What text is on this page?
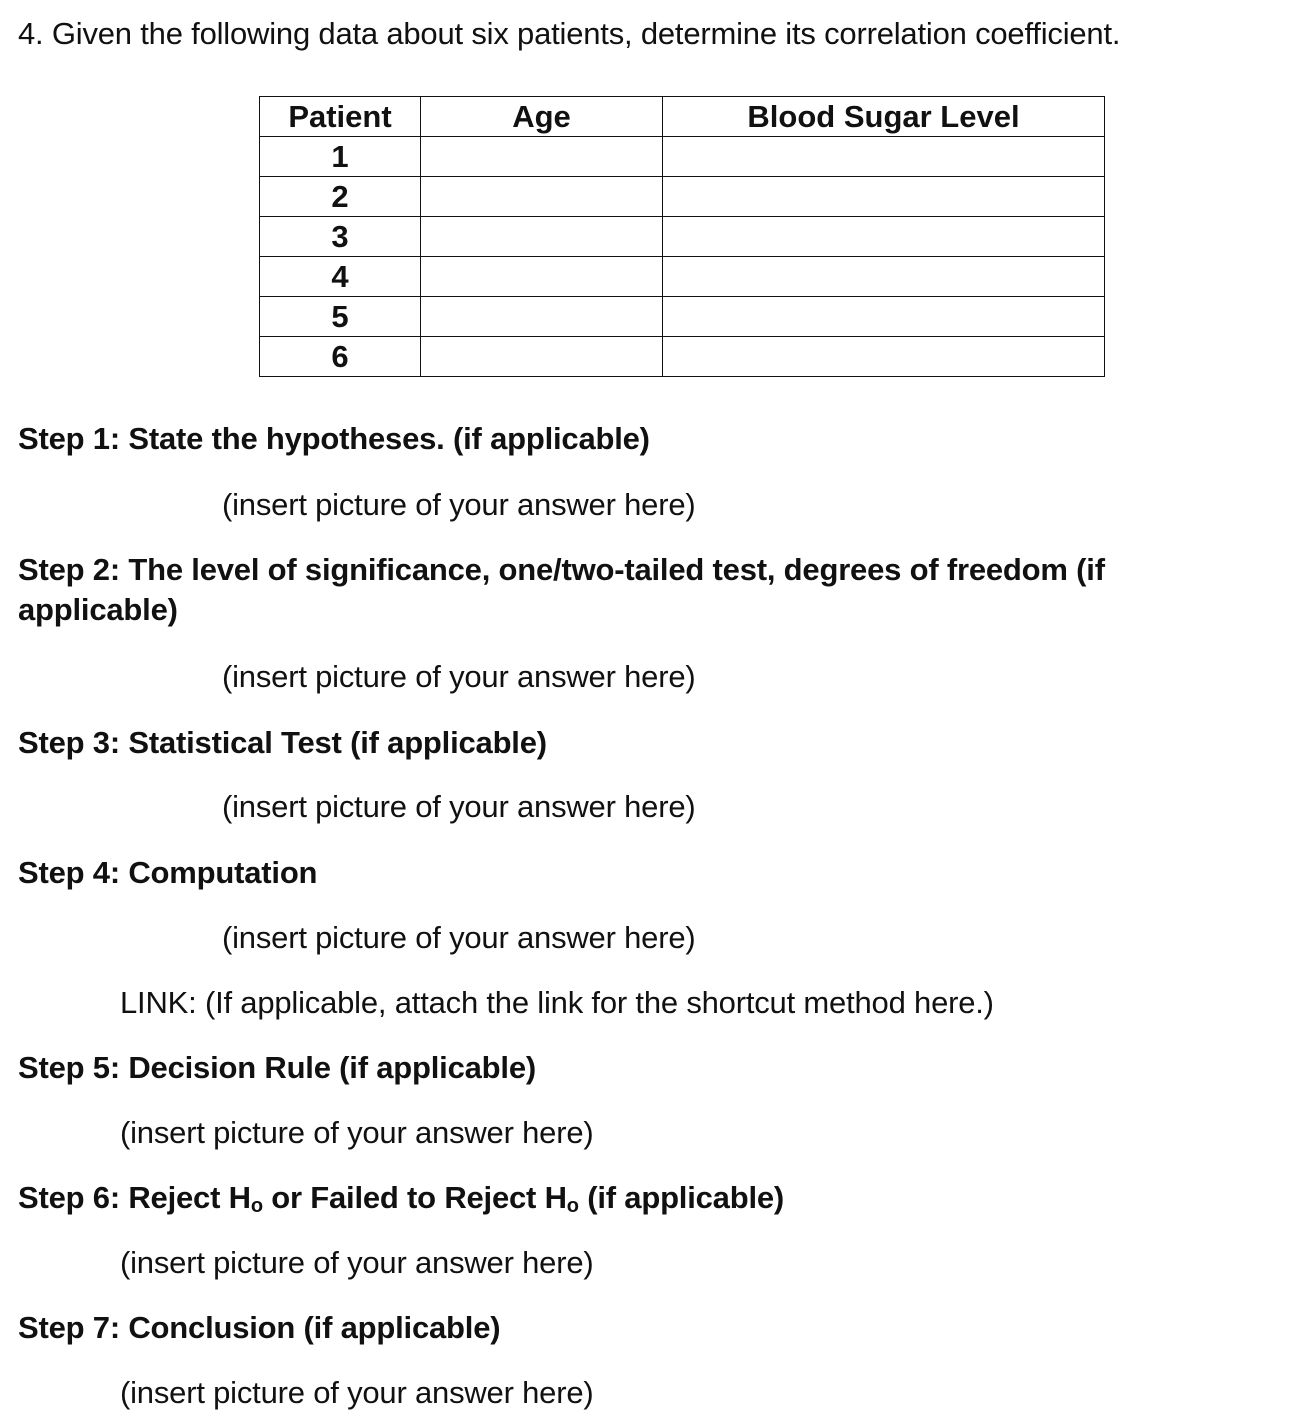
4. Given the following data about six patients, determine its correlation coefficient.
Patient	Age	Blood Sugar Level
1		
2		
3		
4		
5		
6		
Step 1: State the hypotheses. (if applicable)
(insert picture of your answer here)
Step 2: The level of significance, one/two-tailed test, degrees of freedom (if applicable)
(insert picture of your answer here)
Step 3: Statistical Test (if applicable)
(insert picture of your answer here)
Step 4: Computation
(insert picture of your answer here)
LINK: (If applicable, attach the link for the shortcut method here.)
Step 5: Decision Rule (if applicable)
(insert picture of your answer here)
Step 6: Reject $H_o$ or Failed to Reject $H_o$ (if applicable)
(insert picture of your answer here)
Step 7: Conclusion (if applicable)
(insert picture of your answer here)
